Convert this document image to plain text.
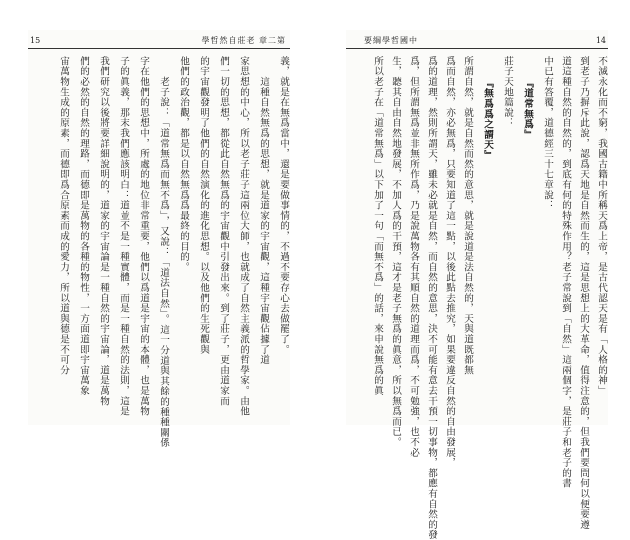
15	學哲然自莊老 章二第
義，就是在無爲當中，還是要做事情的，不過不要存心去做罷了。
　　這種自然無爲的思想，就是道家的宇宙觀，這種宇宙觀佔據了道
家思想的中心，所以老子莊子這兩位大師，也就成了自然主義派的哲學家。由他
們一切的思想，都從此自然無爲的宇宙觀中引發出來。到了莊子，更由道家而
的宇宙觀發明了他們的自然演化的進化思想。以及他們的生死觀與
他們的政治觀，都是以自然無爲爲最終的目的。
　　老子說：「道常無爲而無不爲」，又說：「道法自然」。這一分道與其餘的種種關係
字在他們的思想中，所處的地位非常重要，他們以爲道是宇宙的本體，也是萬物
子的眞義，那末我們應該明白：道並不是一種實體，而是一種自然的法則，這是
我們研究以後將要詳細說明的，道家的宇宙論是一種自然的宇宙論，道是萬物
們的必然的自然的理路，而德即是萬物的各種的物性，一方面道即宇宙萬象
宙萬物生成的原素，而德即爲合原素而成的愛力，所以道與德是不可分
要綱學哲國中	14
不滅永化而不窮，我國古籍中所稱天爲上帝，是古代認天是有「人格的神」
到老子乃摒斥此說，認爲天地是自然而生的，這是思想上的大革命，值得注意的，但我們要問何以便要遵
道這種自然的自然的，到底有何的特殊作用？老子常說到「自然」這兩個字，是莊子和老子的書
中已有答覆，道德經三十七章說：
『道常無爲』
莊子天地篇說：
『無爲爲之謂天』
所謂自然，就是自然而然的意思，就是說道是法自然的，天與道既都無
爲而自然，亦必無爲，只要知道了這一點，以後此點去推究，如果要違反自然的自由發展，
爲的道理，然則所謂天，雖未必就是自然，而自然的意思，決不可能有意去干預一切事物，都應有自然的發
爲，但所謂無爲並非無所作爲，乃是說萬物各有其順自然的道理而爲，不可勉強，也不必
生，聽其自由自然地發展，不加人爲的干預，這才是老子無爲的眞意，所以無爲而已。
所以老子在「道常無爲」以下加了一句「而無不爲」的話，來申說無爲的眞
